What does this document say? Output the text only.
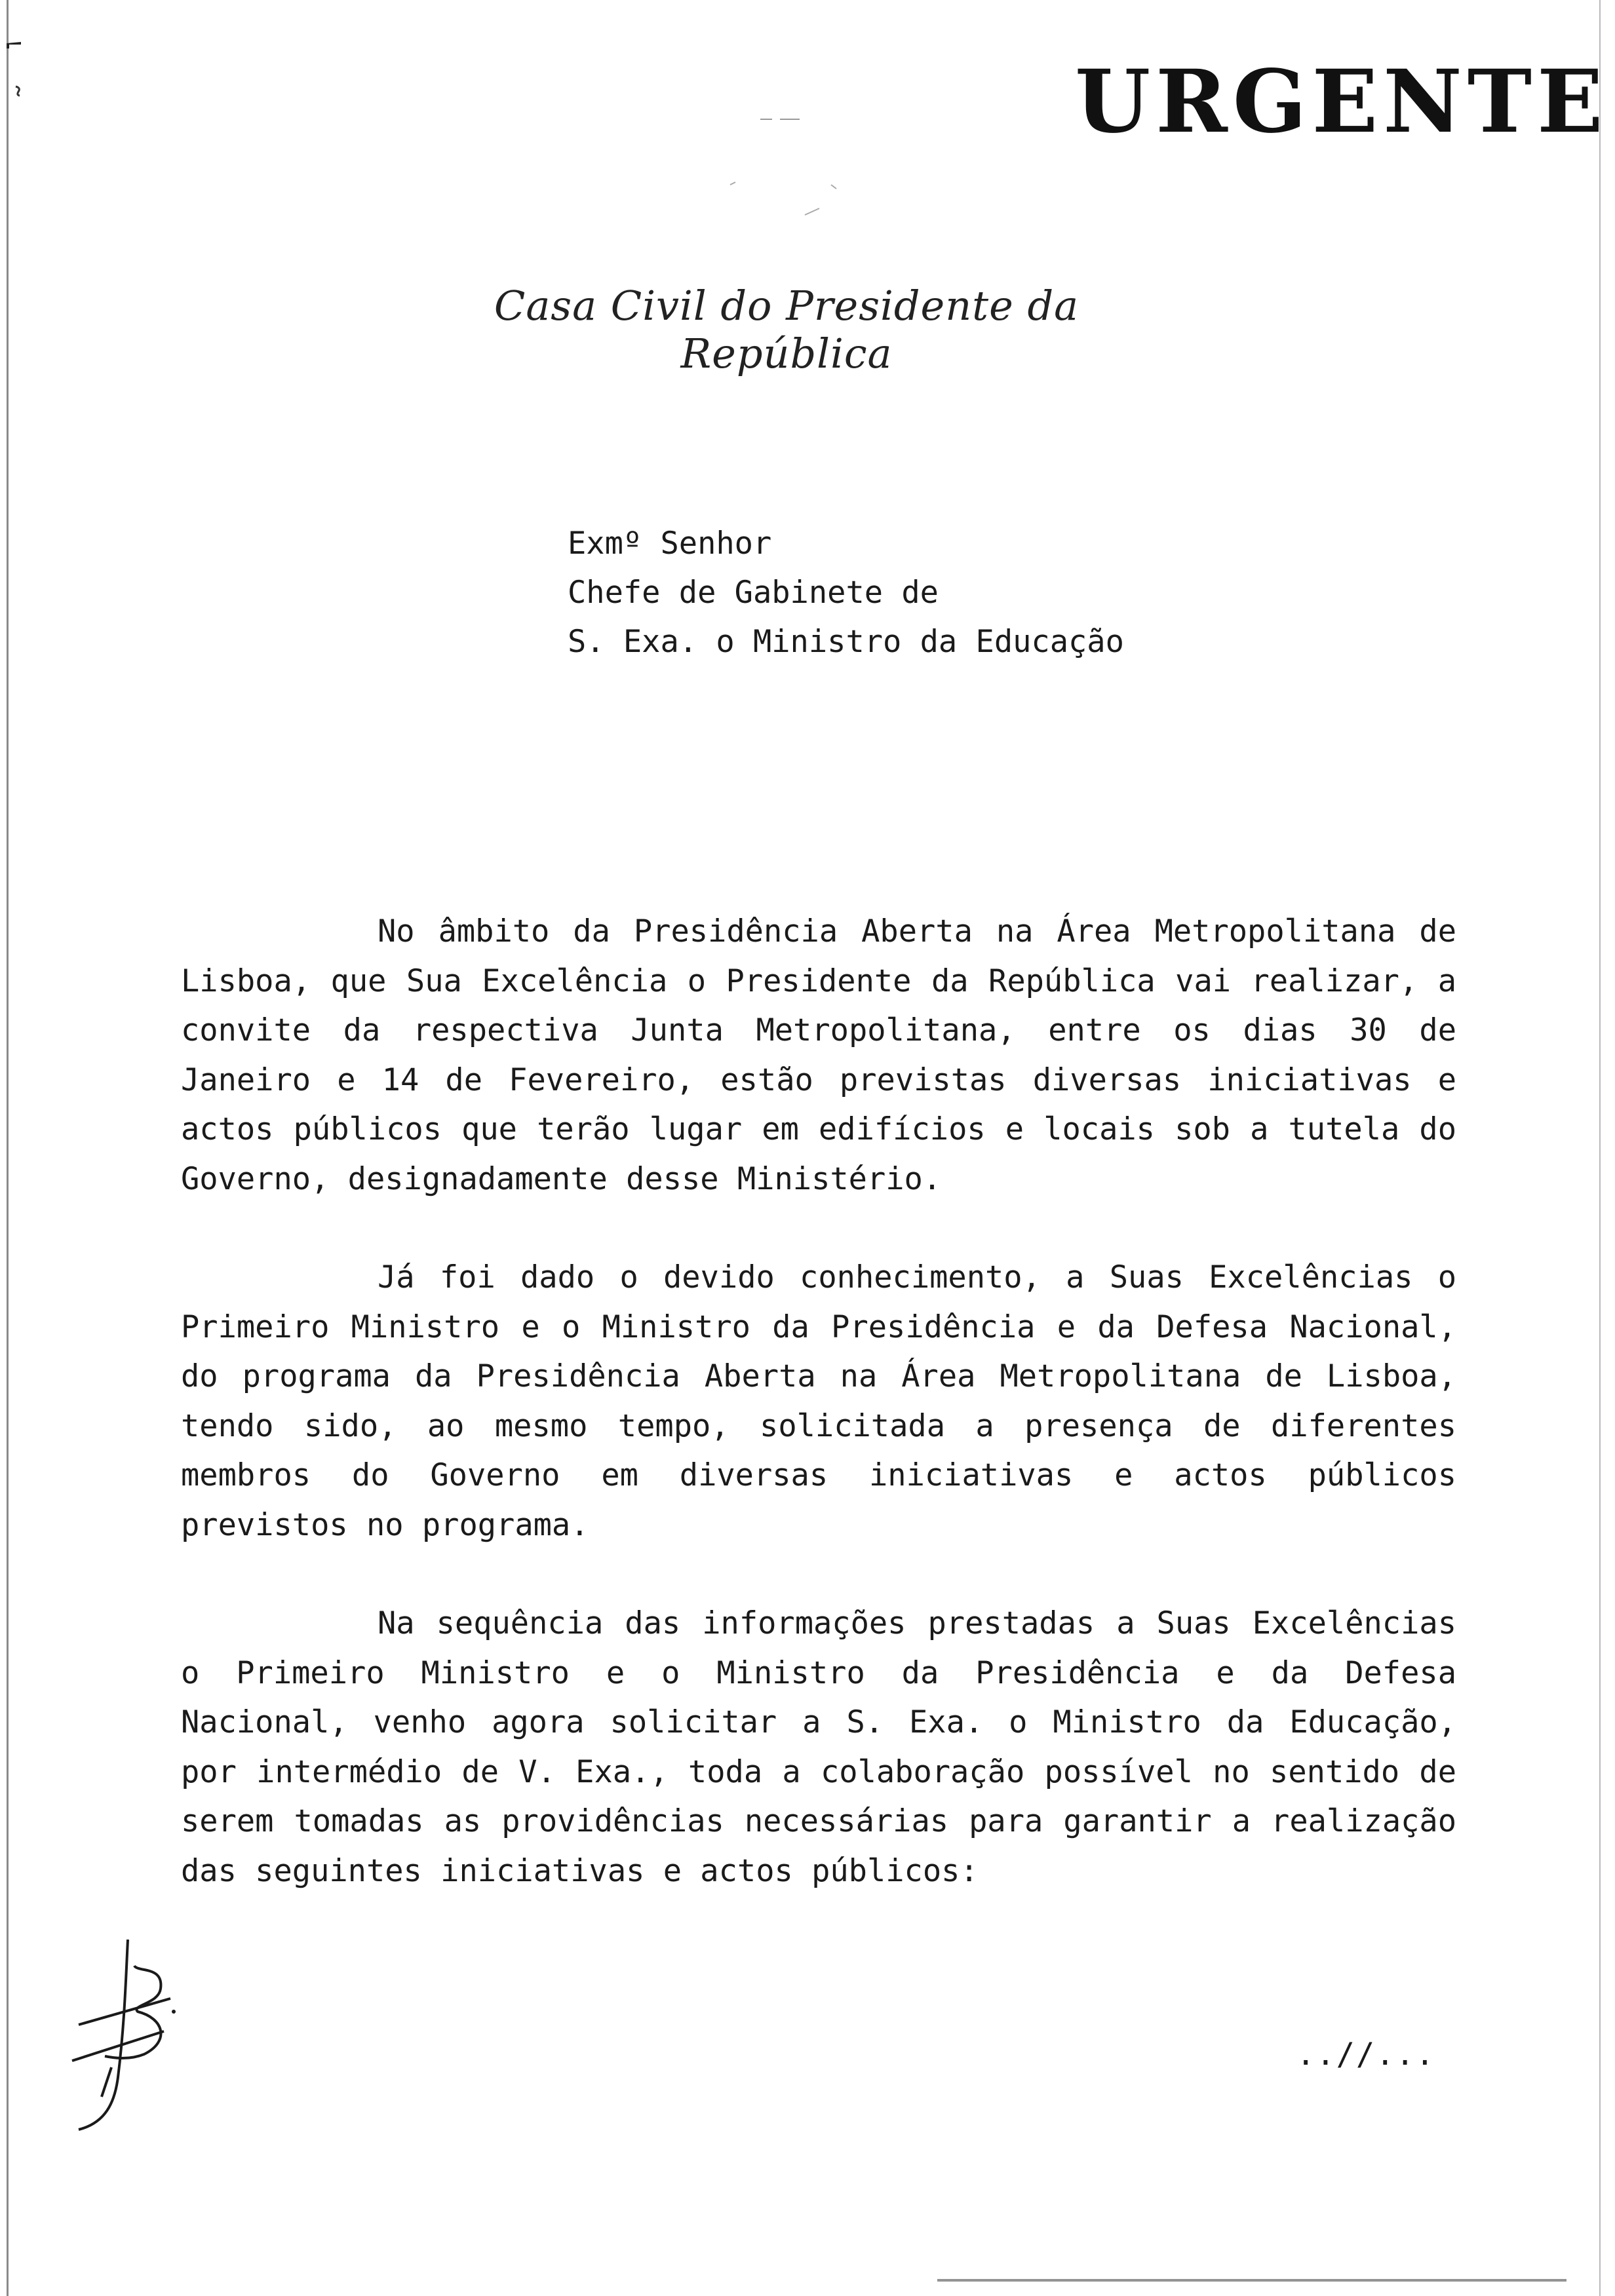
URGENTE
Casa Civil do Presidente da República
Exmº Senhor
Chefe de Gabinete de
S. Exa. o Ministro da Educação

No âmbito da Presidência Aberta na Área Metropolitana de Lisboa, que Sua Excelência o Presidente da República vai realizar, a convite da respectiva Junta Metropolitana, entre os dias 30 de Janeiro e 14 de Fevereiro, estão previstas diversas iniciativas e actos públicos que terão lugar em edifícios e locais sob a tutela do Governo, designadamente desse Ministério.

Já foi dado o devido conhecimento, a Suas Excelências o Primeiro Ministro e o Ministro da Presidência e da Defesa Nacional, do programa da Presidência Aberta na Área Metropolitana de Lisboa, tendo sido, ao mesmo tempo, solicitada a presença de diferentes membros do Governo em diversas iniciativas e actos públicos previstos no programa.

Na sequência das informações prestadas a Suas Excelências o Primeiro Ministro e o Ministro da Presidência e da Defesa Nacional, venho agora solicitar a S. Exa. o Ministro da Educação, por intermédio de V. Exa., toda a colaboração possível no sentido de serem tomadas as providências necessárias para garantir a realização das seguintes iniciativas e actos públicos:

..//...
